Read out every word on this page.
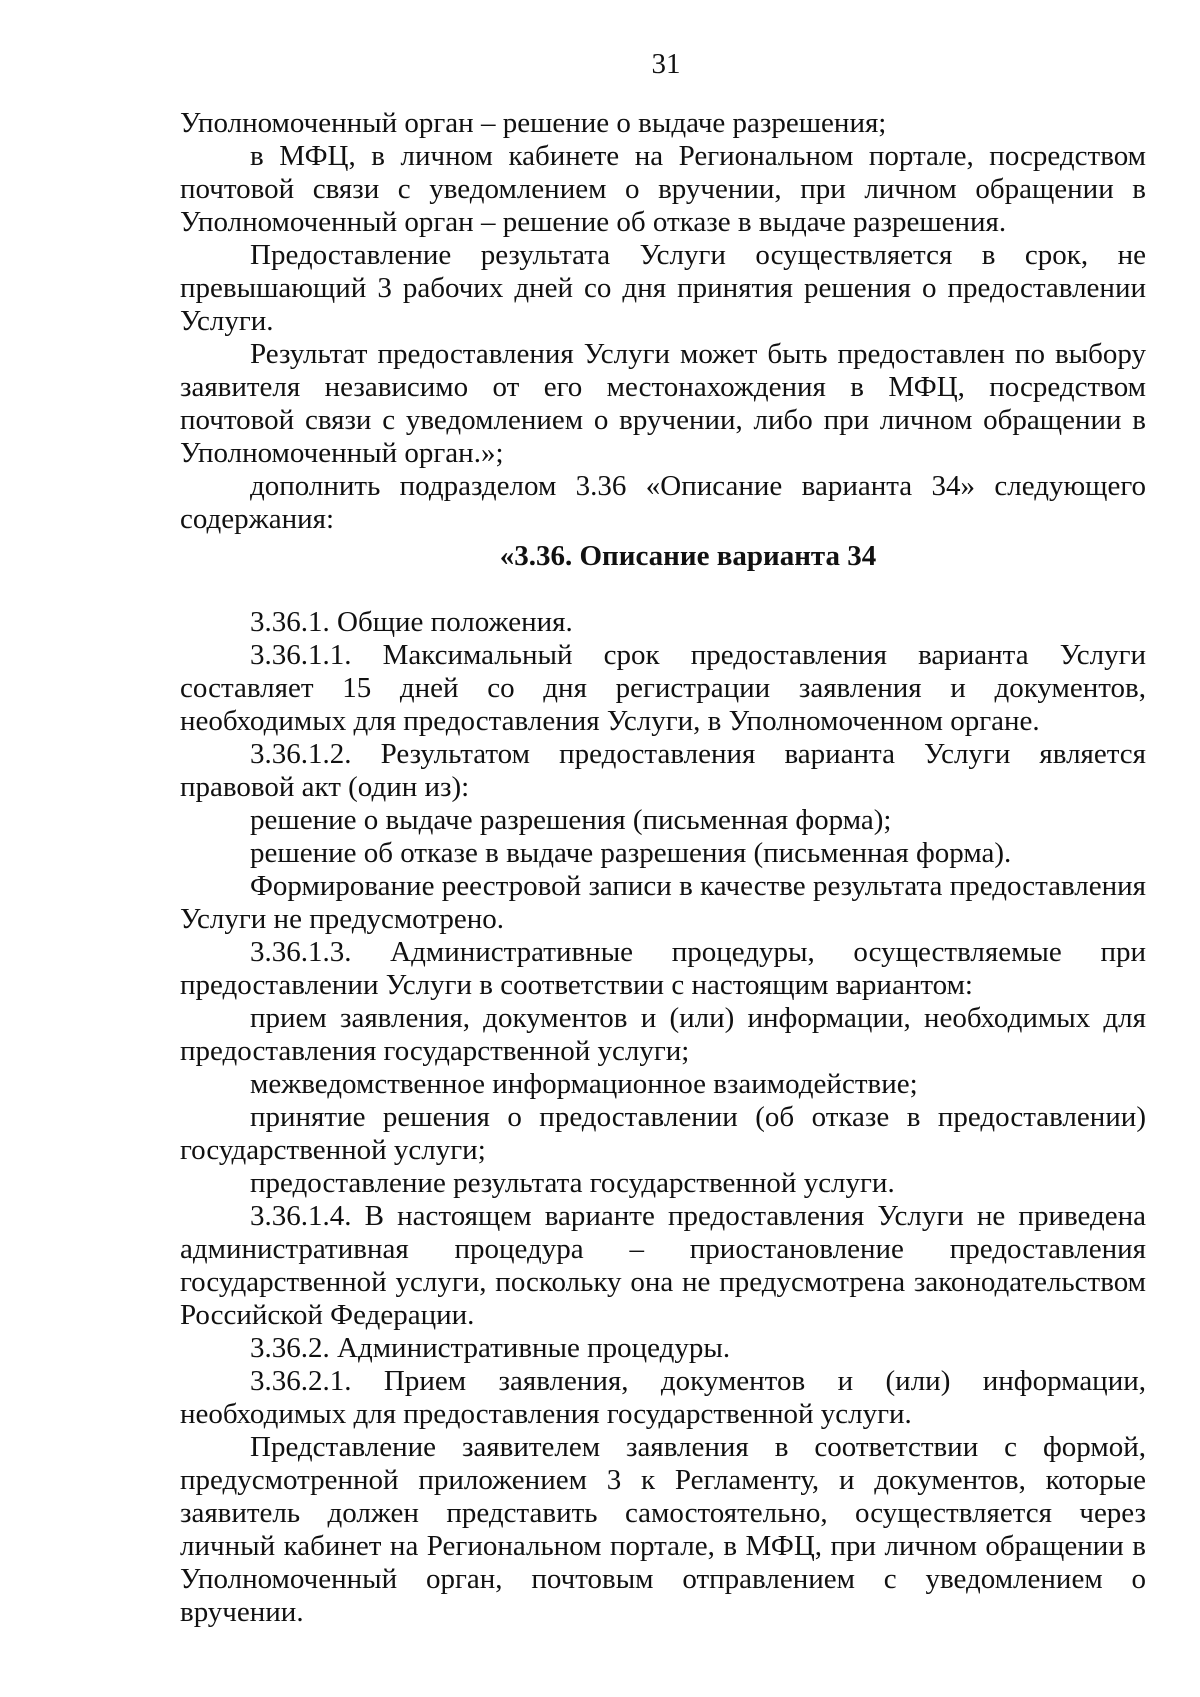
31

Уполномоченный орган – решение о выдаче разрешения;

в МФЦ, в личном кабинете на Региональном портале, посредством почтовой связи с уведомлением о вручении, при личном обращении в Уполномоченный орган – решение об отказе в выдаче разрешения.

Предоставление результата Услуги осуществляется в срок, не превышающий 3 рабочих дней со дня принятия решения о предоставлении Услуги.

Результат предоставления Услуги может быть предоставлен по выбору заявителя независимо от его местонахождения в МФЦ, посредством почтовой связи с уведомлением о вручении, либо при личном обращении в Уполномоченный орган.»;

дополнить подразделом 3.36 «Описание варианта 34» следующего содержания:

«3.36. Описание варианта 34

3.36.1. Общие положения.

3.36.1.1. Максимальный срок предоставления варианта Услуги составляет 15 дней со дня регистрации заявления и документов, необходимых для предоставления Услуги, в Уполномоченном органе.

3.36.1.2. Результатом предоставления варианта Услуги является правовой акт (один из):

решение о выдаче разрешения (письменная форма);

решение об отказе в выдаче разрешения (письменная форма).

Формирование реестровой записи в качестве результата предоставления Услуги не предусмотрено.

3.36.1.3. Административные процедуры, осуществляемые при предоставлении Услуги в соответствии с настоящим вариантом:

прием заявления, документов и (или) информации, необходимых для предоставления государственной услуги;

межведомственное информационное взаимодействие;

принятие решения о предоставлении (об отказе в предоставлении) государственной услуги;

предоставление результата государственной услуги.

3.36.1.4. В настоящем варианте предоставления Услуги не приведена административная процедура – приостановление предоставления государственной услуги, поскольку она не предусмотрена законодательством Российской Федерации.

3.36.2. Административные процедуры.

3.36.2.1. Прием заявления, документов и (или) информации, необходимых для предоставления государственной услуги.

Представление заявителем заявления в соответствии с формой, предусмотренной приложением 3 к Регламенту, и документов, которые заявитель должен представить самостоятельно, осуществляется через личный кабинет на Региональном портале, в МФЦ, при личном обращении в Уполномоченный орган, почтовым отправлением с уведомлением о вручении.
